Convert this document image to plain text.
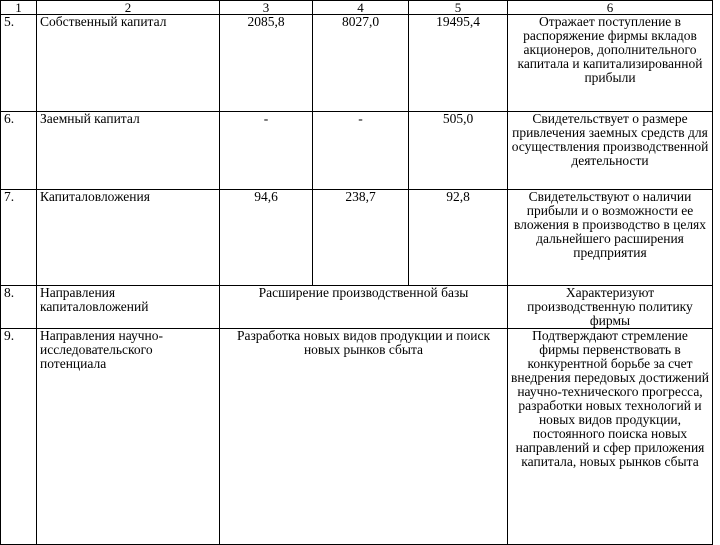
1	2	3	4	5	6
5.	Собственный капитал	2085,8	8027,0	19495,4	Отражает поступление в распоряжение фирмы вкладов акционеров, дополнительного капитала и капитализированной прибыли
6.	Заемный капитал	-	-	505,0	Свидетельствует о размере привлечения заемных средств для осуществления производственной деятельности
7.	Капиталовложения	94,6	238,7	92,8	Свидетельствуют о наличии прибыли и о возможности ее вложения в производство в целях дальнейшего расширения предприятия
8.	Направления капиталовложений	Расширение производственной базы			Характеризуют производственную политику фирмы
9.	Направления научно-исследовательского потенциала	Разработка новых видов продукции и поиск новых рынков сбыта			Подтверждают стремление фирмы первенствовать в конкурентной борьбе за счет внедрения передовых достижений научно-технического прогресса, разработки новых технологий и новых видов продукции, постоянного поиска новых направлений и сфер приложения капитала, новых рынков сбыта
